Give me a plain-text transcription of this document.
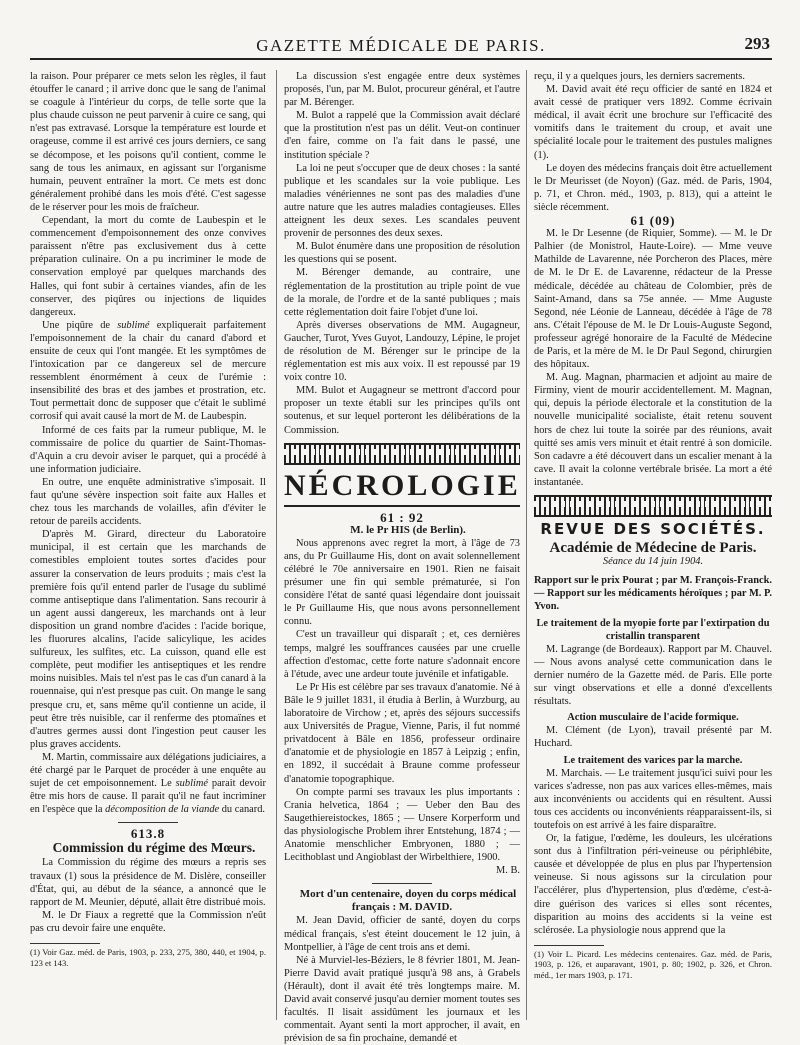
GAZETTE MÉDICALE DE PARIS.	293

la raison. Pour préparer ce mets selon les règles, il faut étouffer le canard ; il arrive donc que le sang de l'animal se coagule à l'intérieur du corps, de telle sorte que la plus chaude cuisson ne peut parvenir à cuire ce sang, qui n'est pas extravasé. Lorsque la température est lourde et orageuse, comme il est arrivé ces jours derniers, ce sang se décompose, et les poisons qu'il contient, comme le sang de tous les animaux, en agissant sur l'organisme humain, peuvent entraîner la mort. Ce mets est donc généralement prohibé dans les mois d'été. C'est sagesse de le réserver pour les mois de fraîcheur.

Cependant, la mort du comte de Laubespin et le commencement d'empoisonnement des onze convives paraissent n'être pas exclusivement dus à cette préparation culinaire. On a pu incriminer le mode de conservation employé par quelques marchands des Halles, qui font subir à certaines viandes, afin de les conserver, des piqûres ou injections de liquides dangereux.

Une piqûre de sublimé expliquerait parfaitement l'empoisonnement de la chair du canard d'abord et ensuite de ceux qui l'ont mangée. Et les symptômes de l'intoxication par ce dangereux sel de mercure ressemblent énormément à ceux de l'urémie : insensibilité des bras et des jambes et prostration, etc. Tout permettait donc de supposer que c'était le sublimé corrosif qui avait causé la mort de M. de Laubespin.

Informé de ces faits par la rumeur publique, M. le commissaire de police du quartier de Saint-Thomas-d'Aquin a cru devoir aviser le parquet, qui a procédé à une information judiciaire.

En outre, une enquête administrative s'imposait. Il faut qu'une sévère inspection soit faite aux Halles et chez tous les marchands de volailles, afin d'éviter le retour de pareils accidents.

D'après M. Girard, directeur du Laboratoire municipal, il est certain que les marchands de comestibles emploient toutes sortes d'acides pour assurer la conservation de leurs produits ; mais c'est la première fois qu'il entend parler de l'usage du sublimé comme antiseptique dans l'alimentation. Sans recourir à un agent aussi dangereux, les marchands ont à leur disposition un grand nombre d'acides : l'acide borique, les fluorures alcalins, l'acide salicylique, les acides sulfureux, les sulfites, etc. La cuisson, quand elle est complète, peut modifier les antiseptiques et les rendre moins nuisibles. Mais tel n'est pas le cas d'un canard à la rouennaise, qui n'est presque pas cuit. On mange le sang presque cru, et, sans même qu'il contienne un acide, il peut être très nuisible, car il renferme des ptomaïnes et d'autres germes aussi dont l'ingestion peut causer les plus graves accidents.

M. Martin, commissaire aux délégations judiciaires, a été chargé par le Parquet de procéder à une enquête au sujet de cet empoisonnement. Le sublimé parait devoir être mis hors de cause. Il parait qu'il ne faut incriminer en l'espèce que la décomposition de la viande du canard.

613.8

Commission du régime des Mœurs.

La Commission du régime des mœurs a repris ses travaux (1) sous la présidence de M. Dislère, conseiller d'État, qui, au début de la séance, a annoncé que le rapport de M. Meunier, député, allait être distribué mois.

M. le Dr Fiaux a regretté que la Commission n'eût pas cru devoir faire une enquête.

(1) Voir Gaz. méd. de Paris, 1903, p. 233, 275, 380, 440, et 1904, p. 123 et 143.

La discussion s'est engagée entre deux systèmes proposés, l'un, par M. Bulot, procureur général, et l'autre par M. Bérenger.

M. Bulot a rappelé que la Commission avait déclaré que la prostitution n'est pas un délit. Veut-on continuer d'en faire, comme on l'a fait dans le passé, une institution spéciale ?

La loi ne peut s'occuper que de deux choses : la santé publique et les scandales sur la voie publique. Les maladies vénériennes ne sont pas des maladies d'une autre nature que les autres maladies contagieuses. Elles atteignent les deux sexes. Les scandales peuvent provenir de personnes des deux sexes.

M. Bulot énumère dans une proposition de résolution les questions qui se posent.

M. Bérenger demande, au contraire, une réglementation de la prostitution au triple point de vue de la morale, de l'ordre et de la santé publiques ; mais cette réglementation doit faire l'objet d'une loi.

Après diverses observations de MM. Augagneur, Gaucher, Turot, Yves Guyot, Landouzy, Lépine, le projet de résolution de M. Bérenger sur le principe de la réglementation est mis aux voix. Il est repoussé par 19 voix contre 10.

MM. Bulot et Augagneur se mettront d'accord pour proposer un texte établi sur les principes qu'ils ont soutenus, et sur lequel porteront les délibérations de la Commission.

NÉCROLOGIE

61 : 92

M. le Pr HIS (de Berlin).

Nous apprenons avec regret la mort, à l'âge de 73 ans, du Pr Guillaume His, dont on avait solennellement célébré le 70e anniversaire en 1901. Rien ne faisait présumer une fin qui semble prématurée, si l'on considère l'état de santé quasi légendaire dont jouissait le Pr Guillaume His, que nous avons personnellement connu.

C'est un travailleur qui disparaît ; et, ces dernières temps, malgré les souffrances causées par une cruelle affection d'estomac, cette forte nature s'adonnait encore à l'étude, avec une ardeur toute juvénile et infatigable.

Le Pr His est célèbre par ses travaux d'anatomie. Né à Bâle le 9 juillet 1831, il étudia à Berlin, à Wurzburg, au laboratoire de Virchow ; et, après des séjours successifs aux Universités de Prague, Vienne, Paris, il fut nommé privatdocent à Bâle en 1856, professeur ordinaire d'anatomie et de physiologie en 1857 à Leipzig ; enfin, en 1892, il succédait à Braune comme professeur d'anatomie topographique.

On compte parmi ses travaux les plus importants : Crania helvetica, 1864 ; — Ueber den Bau des Saugethiereistockes, 1865 ; — Unsere Korperform und das physiologische Problem ihrer Entstehung, 1874 ; — Anatomie menschlicher Embryonen, 1880 ; — Lecithoblast und Angioblast der Wirbelthiere, 1900.

M. B.

Mort d'un centenaire, doyen du corps médical français : M. DAVID.

M. Jean David, officier de santé, doyen du corps médical français, s'est éteint doucement le 12 juin, à Montpellier, à l'âge de cent trois ans et demi.

Né à Murviel-les-Béziers, le 8 février 1801, M. Jean-Pierre David avait pratiqué jusqu'à 98 ans, à Grabels (Hérault), dont il avait été très longtemps maire. M. David avait conservé jusqu'au dernier moment toutes ses facultés. Il lisait assidûment les journaux et les commentait. Ayant senti la mort approcher, il avait, en prévision de sa fin prochaine, demandé et

reçu, il y a quelques jours, les derniers sacrements.

M. David avait été reçu officier de santé en 1824 et avait cessé de pratiquer vers 1892. Comme écrivain médical, il avait écrit une brochure sur l'efficacité des vomitifs dans le traitement du croup, et avait une spécialité locale pour le traitement des pustules malignes (1).

Le doyen des médecins français doit être actuellement le Dr Meurisset (de Noyon) (Gaz. méd. de Paris, 1904, p. 71, et Chron. méd., 1903, p. 813), qui a atteint le siècle récemment.

61 (09)

M. le Dr Lesenne (de Riquier, Somme). — M. le Dr Palhier (de Monistrol, Haute-Loire). — Mme veuve Mathilde de Lavarenne, née Porcheron des Places, mère de M. le Dr E. de Lavarenne, rédacteur de la Presse médicale, décédée au château de Colombier, près de Saint-Amand, dans sa 75e année. — Mme Auguste Segond, née Léonie de Lanneau, décédée à l'âge de 78 ans. C'était l'épouse de M. le Dr Louis-Auguste Segond, professeur agrégé honoraire de la Faculté de Médecine de Paris, et la mère de M. le Dr Paul Segond, chirurgien des hôpitaux.

M. Aug. Magnan, pharmacien et adjoint au maire de Firminy, vient de mourir accidentellement. M. Magnan, qui, depuis la période électorale et la constitution de la nouvelle municipalité socialiste, était retenu souvent hors de chez lui toute la soirée par des réunions, avait quitté ses amis vers minuit et était rentré à son domicile. Son cadavre a été découvert dans un escalier menant à la cave. Il avait la colonne vertébrale brisée. La mort a été instantanée.

REVUE DES SOCIÉTÉS.
Académie de Médecine de Paris.
Séance du 14 juin 1904.

Rapport sur le prix Pourat ; par M. François-Franck. — Rapport sur les médicaments héroïques ; par M. P. Yvon.

Le traitement de la myopie forte par l'extirpation du cristallin transparent

M. Lagrange (de Bordeaux). Rapport par M. Chauvel. — Nous avons analysé cette communication dans le dernier numéro de la Gazette méd. de Paris. Elle porte sur vingt observations et elle a donné d'excellents résultats.

Action musculaire de l'acide formique.

M. Clément (de Lyon), travail présenté par M. Huchard.

Le traitement des varices par la marche.

M. Marchais. — Le traitement jusqu'ici suivi pour les varices s'adresse, non pas aux varices elles-mêmes, mais aux inconvénients ou accidents qui en résultent. Aussi tous ces accidents ou inconvénients réapparaissent-ils, si toutefois on est arrivé à les faire disparaître.

Or, la fatigue, l'œdème, les douleurs, les ulcérations sont dus à l'infiltration péri-veineuse ou périphlébite, causée et développée de plus en plus par l'hypertension veineuse. Si nous agissons sur la circulation pour l'accélérer, plus d'hypertension, plus d'œdème, c'est-à-dire guérison des varices si elles sont récentes, disparition au moins des accidents si la veine est sclérosée. La physiologie nous apprend que la

(1) Voir L. Picard. Les médecins centenaires. Gaz. méd. de Paris, 1903, p. 126, et auparavant, 1901, p. 80; 1902, p. 326, et Chron. méd., 1er mars 1903, p. 171.
